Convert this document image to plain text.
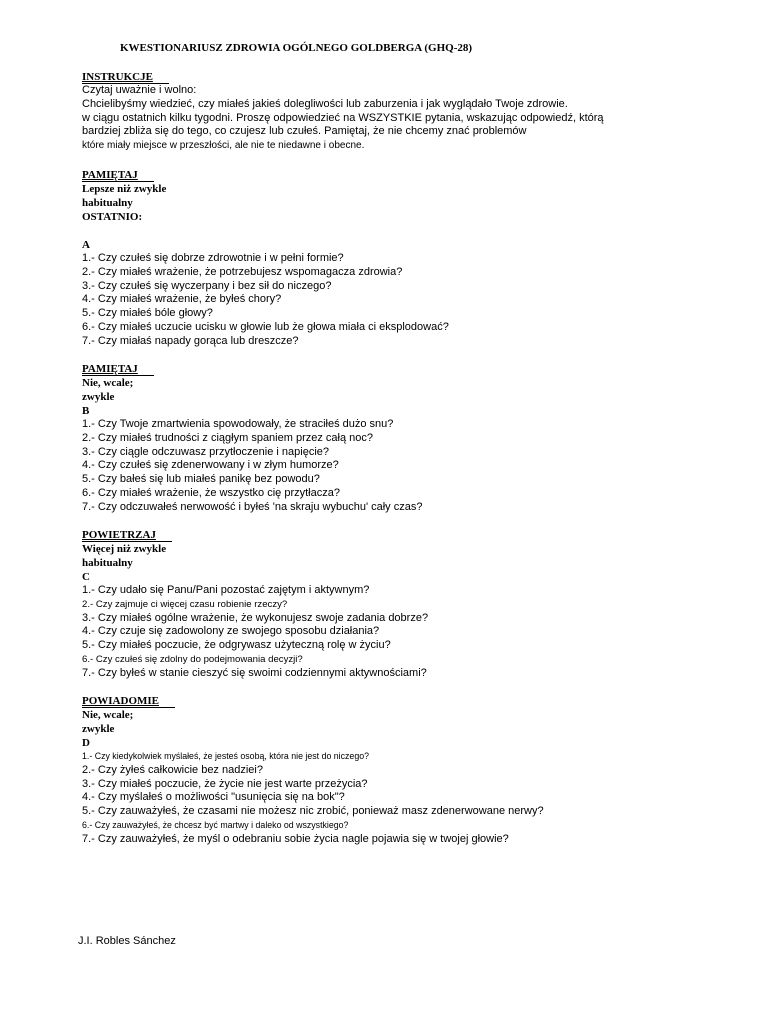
KWESTIONARIUSZ ZDROWIA OGÓLNEGO GOLDBERGA (GHQ-28)
INSTRUKCJE
Czytaj uważnie i wolno:
Chcielibyśmy wiedzieć, czy miałeś jakieś dolegliwości lub zaburzenia i jak wyglądało Twoje zdrowie.
w ciągu ostatnich kilku tygodni. Proszę odpowiedzieć na WSZYSTKIE pytania, wskazując odpowiedź, którą
bardziej zbliża się do tego, co czujesz lub czułeś. Pamiętaj, że nie chcemy znać problemów
które miały miejsce w przeszłości, ale nie te niedawne i obecne.
PAMIĘTAJ
Lepsze niż zwykle
habitualny
OSTATNIO:
A
1.- Czy czułeś się dobrze zdrowotnie i w pełni formie?
2.- Czy miałeś wrażenie, że potrzebujesz wspomagacza zdrowia?
3.- Czy czułeś się wyczerpany i bez sił do niczego?
4.- Czy miałeś wrażenie, że byłeś chory?
5.- Czy miałeś bóle głowy?
6.- Czy miałeś uczucie ucisku w głowie lub że głowa miała ci eksplodować?
7.- Czy miałaś napady gorąca lub dreszcze?
PAMIĘTAJ
Nie, wcale;
zwykle
B
1.- Czy Twoje zmartwienia spowodowały, że straciłeś dużo snu?
2.- Czy miałeś trudności z ciągłym spaniem przez całą noc?
3.- Czy ciągle odczuwasz przytłoczenie i napięcie?
4.- Czy czułeś się zdenerwowany i w złym humorze?
5.- Czy bałeś się lub miałeś panikę bez powodu?
6.- Czy miałeś wrażenie, że wszystko cię przytłacza?
7.- Czy odczuwałeś nerwowość i byłeś 'na skraju wybuchu' cały czas?
POWIETRZAJ
Więcej niż zwykle
habitualny
C
1.- Czy udało się Panu/Pani pozostać zajętym i aktywnym?
2.- Czy zajmuje ci więcej czasu robienie rzeczy?
3.- Czy miałeś ogólne wrażenie, że wykonujesz swoje zadania dobrze?
4.- Czy czuje się zadowolony ze swojego sposobu działania?
5.- Czy miałeś poczucie, że odgrywasz użyteczną rolę w życiu?
6.- Czy czułeś się zdolny do podejmowania decyzji?
7.- Czy byłeś w stanie cieszyć się swoimi codziennymi aktywnościami?
POWIADOMIE
Nie, wcale;
zwykle
D
1.- Czy kiedykolwiek myślałeś, że jesteś osobą, która nie jest do niczego?
2.- Czy żyłeś całkowicie bez nadziei?
3.- Czy miałeś poczucie, że życie nie jest warte przeżycia?
4.- Czy myślałeś o możliwości "usunięcia się na bok"?
5.- Czy zauważyłeś, że czasami nie możesz nic zrobić, ponieważ masz zdenerwowane nerwy?
6.- Czy zauważyłeś, że chcesz być martwy i daleko od wszystkiego?
7.- Czy zauważyłeś, że myśl o odebraniu sobie życia nagle pojawia się w twojej głowie?
J.I. Robles Sánchez
